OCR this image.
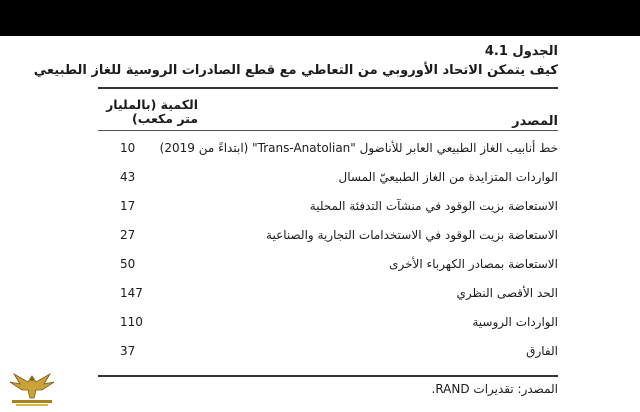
الجدول 4.1
كيف يتمكن الاتحاد الأوروبي من التعاطي مع قطع الصادرات الروسية للغاز الطبيعي
المصدر
الكمية (بالمليار متر مكعب)
خط أنابيب الغاز الطبيعي العابر للأناضول "Trans-Anatolian" (ابتداءً من 2019)
10
الواردات المتزايدة من الغاز الطبيعيّ المسال
43
الاستعاضة بزيت الوقود في منشآت التدفئة المحلية
17
الاستعاضة بزيت الوقود في الاستخدامات التجارية والصناعية
27
الاستعاضة بمصادر الكهرباء الأخرى
50
الحد الأقصى النظري
147
الواردات الروسية
110
الفارق
37
المصدر: تقديرات RAND.
